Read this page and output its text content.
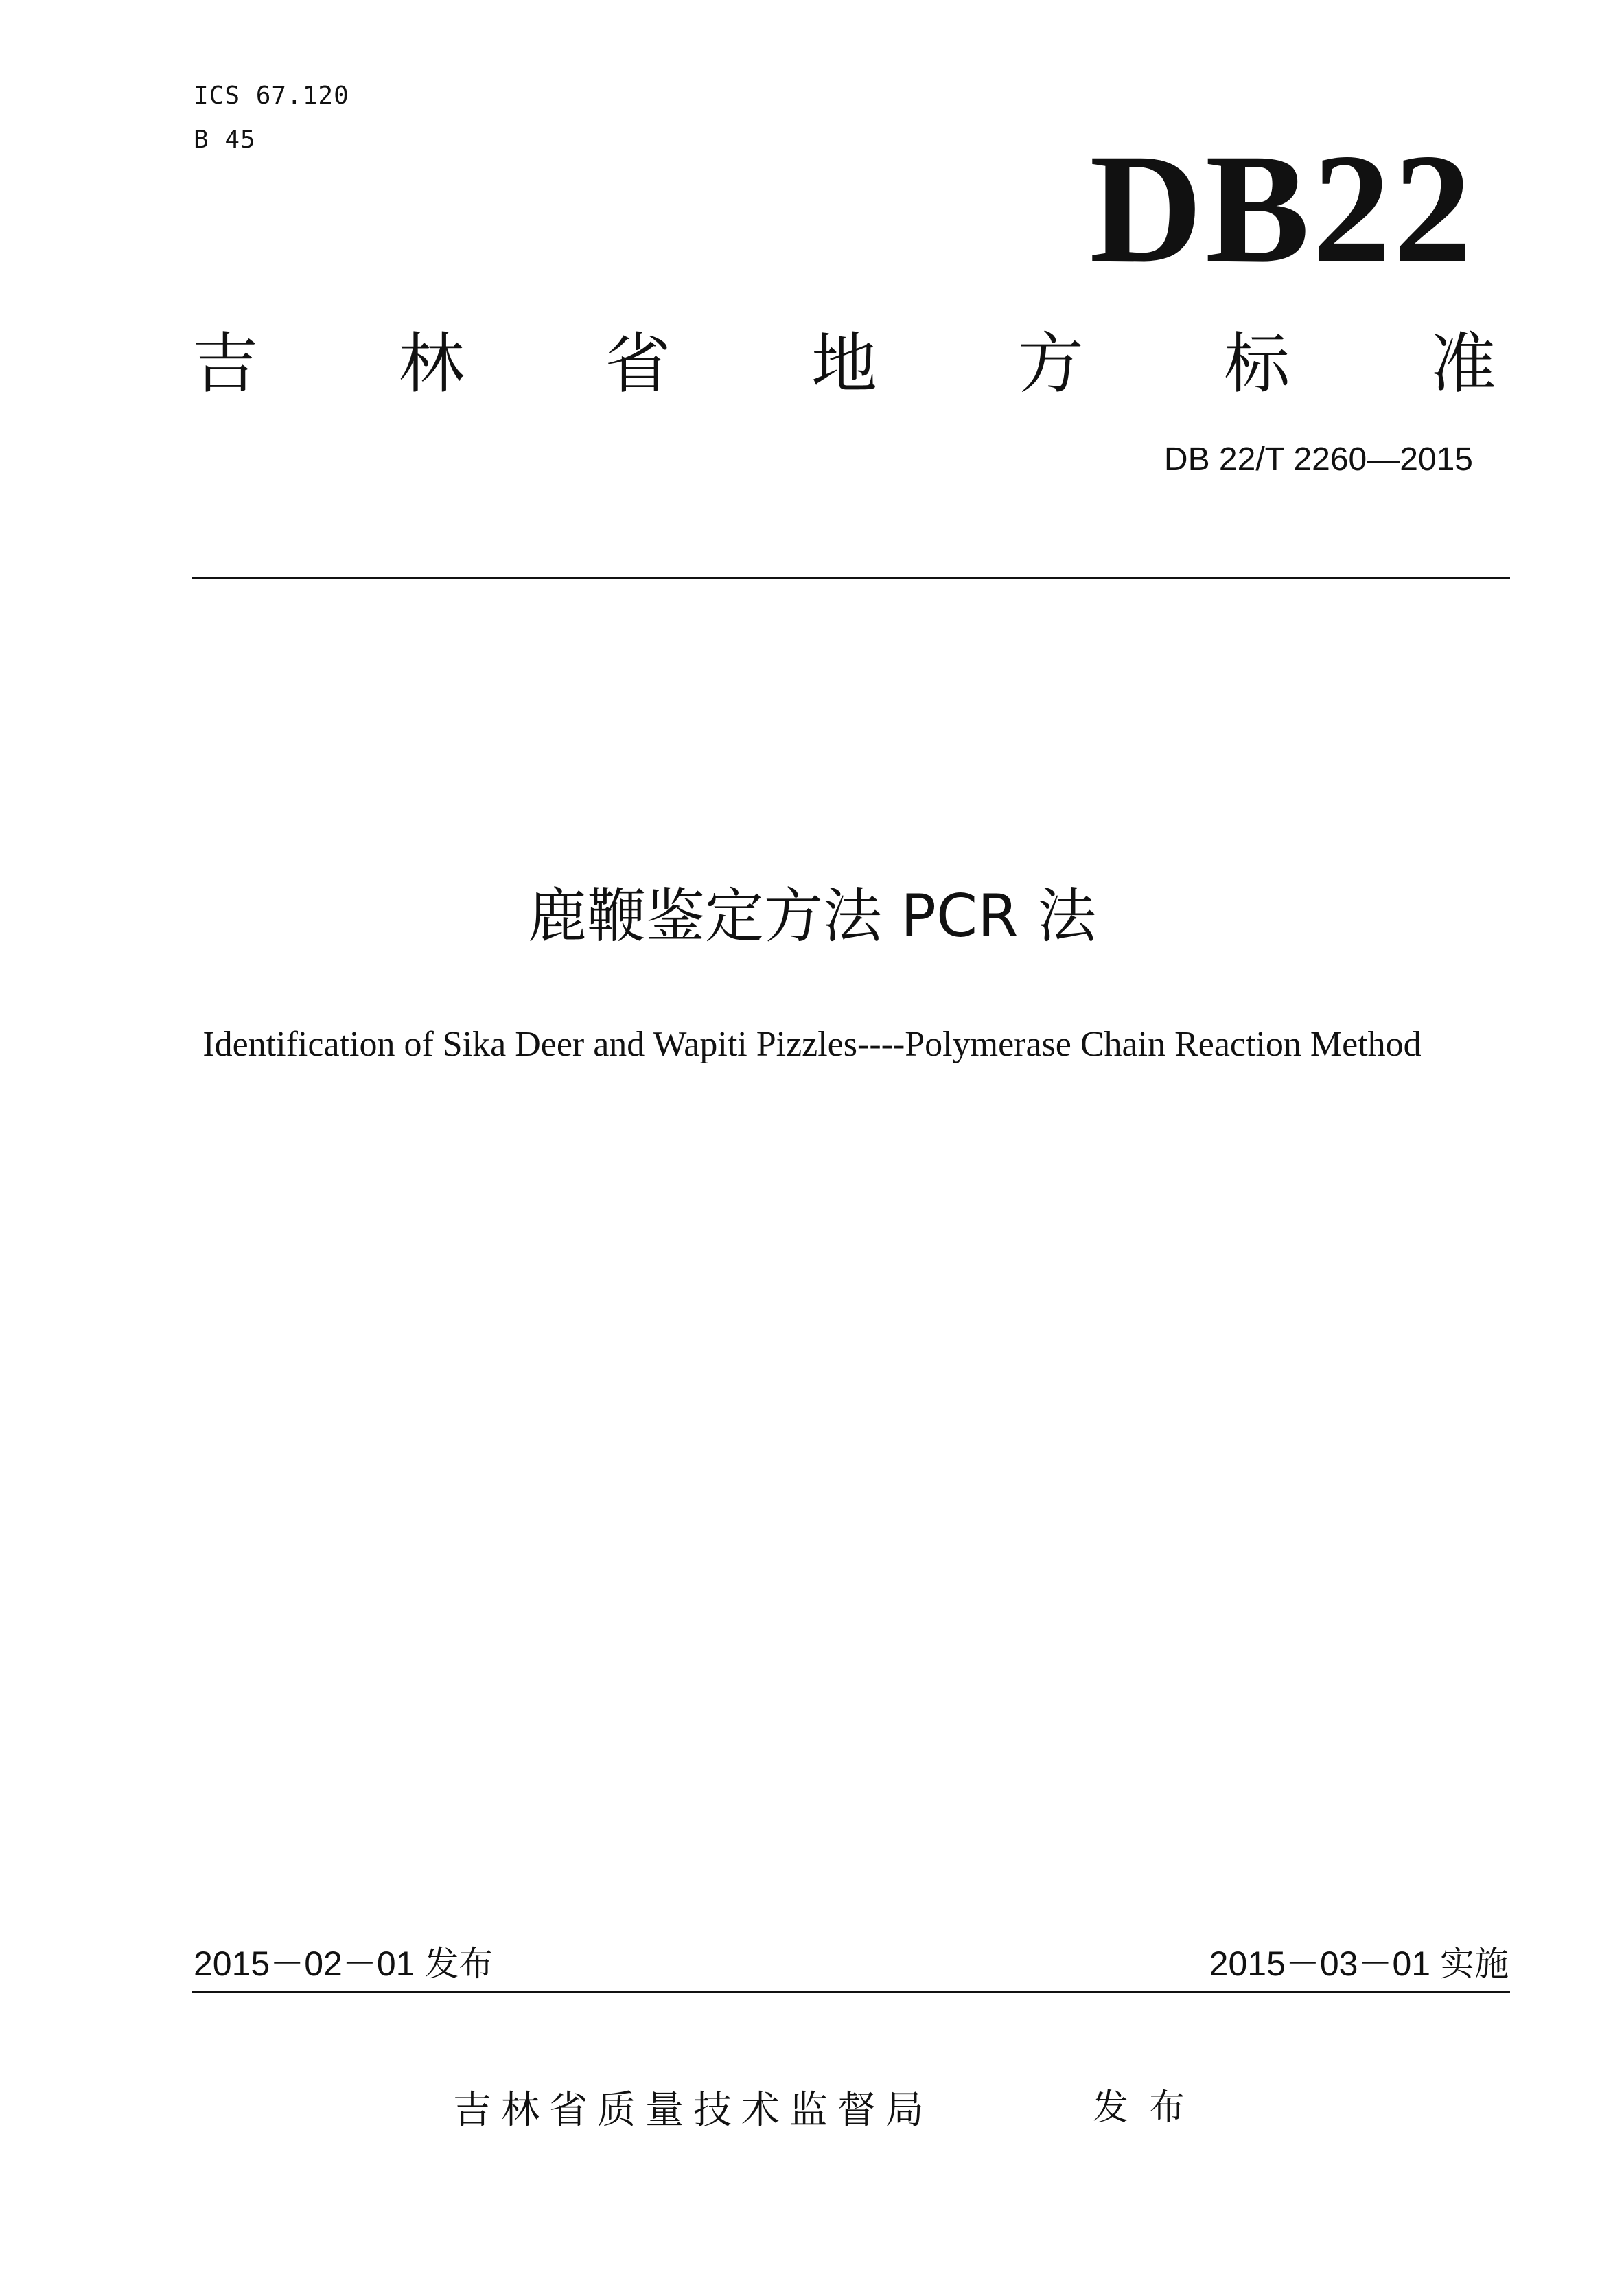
ICS 67.120
B 45	DB22
吉 林 省 地 方 标 准
DB 22/T 2260—2015
鹿鞭鉴定方法 PCR 法
Identification of Sika Deer and Wapiti Pizzles----Polymerase Chain Reaction Method
2015－02－01 发布	2015－03－01 实施
吉林省质量技术监督局	发布
